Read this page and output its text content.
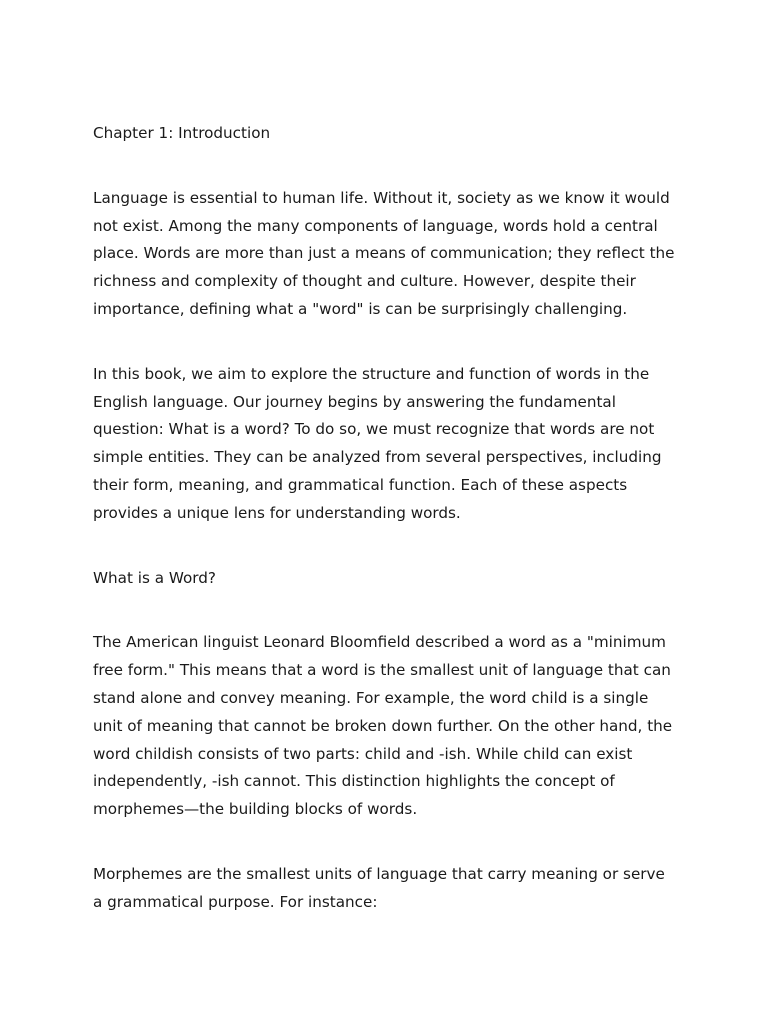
Chapter 1: Introduction

Language is essential to human life. Without it, society as we know it would not exist. Among the many components of language, words hold a central place. Words are more than just a means of communication; they reflect the richness and complexity of thought and culture. However, despite their importance, defining what a "word" is can be surprisingly challenging.

In this book, we aim to explore the structure and function of words in the English language. Our journey begins by answering the fundamental question: What is a word? To do so, we must recognize that words are not simple entities. They can be analyzed from several perspectives, including their form, meaning, and grammatical function. Each of these aspects provides a unique lens for understanding words.

What is a Word?

The American linguist Leonard Bloomfield described a word as a "minimum free form." This means that a word is the smallest unit of language that can stand alone and convey meaning. For example, the word child is a single unit of meaning that cannot be broken down further. On the other hand, the word childish consists of two parts: child and -ish. While child can exist independently, -ish cannot. This distinction highlights the concept of morphemes—the building blocks of words.

Morphemes are the smallest units of language that carry meaning or serve a grammatical purpose. For instance:
